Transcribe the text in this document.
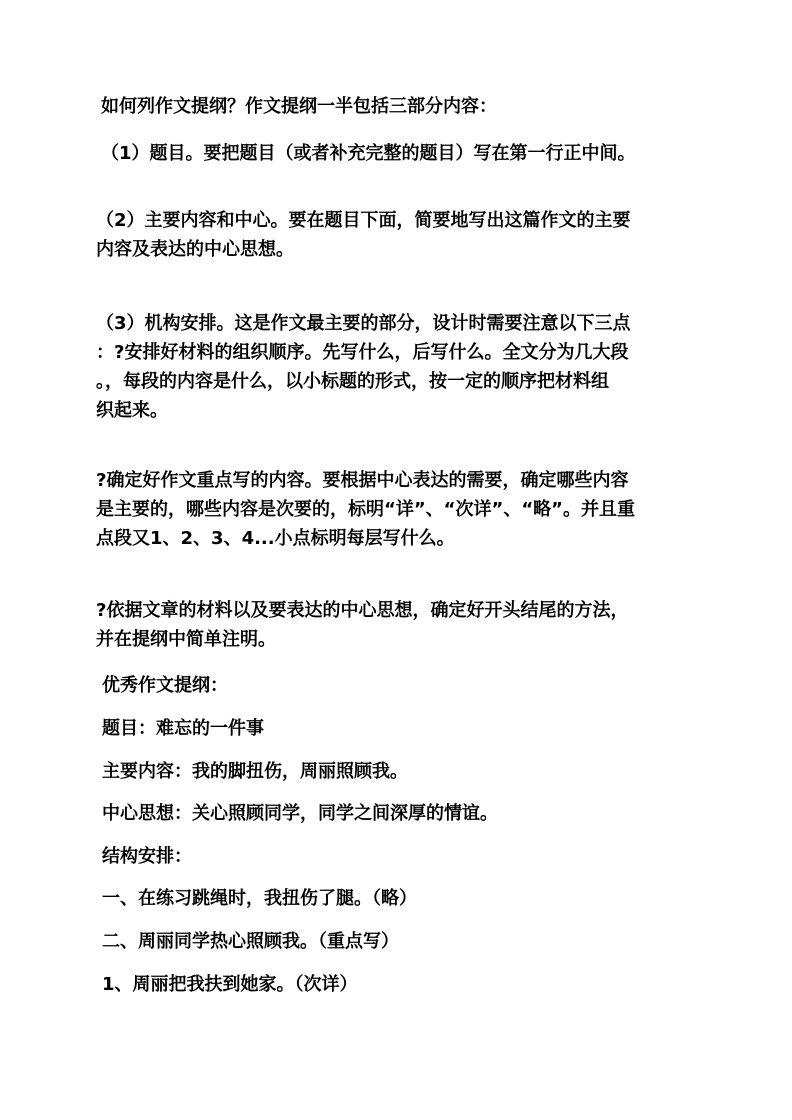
如何列作文提纲？作文提纲一半包括三部分内容：

（1）题目。要把题目（或者补充完整的题目）写在第一行正中间。

（2）主要内容和中心。要在题目下面，简要地写出这篇作文的主要
内容及表达的中心思想。

（3）机构安排。这是作文最主要的部分，设计时需要注意以下三点
：?安排好材料的组织顺序。先写什么，后写什么。全文分为几大段
。，每段的内容是什么，以小标题的形式，按一定的顺序把材料组
织起来。

?确定好作文重点写的内容。要根据中心表达的需要，确定哪些内容
是主要的，哪些内容是次要的，标明“详”、“次详”、“略”。并且重
点段又1、2、3、4...小点标明每层写什么。

?依据文章的材料以及要表达的中心思想，确定好开头结尾的方法，
并在提纲中简单注明。

优秀作文提纲：

题目：难忘的一件事

主要内容：我的脚扭伤，周丽照顾我。

中心思想：关心照顾同学，同学之间深厚的情谊。

结构安排：

一、在练习跳绳时，我扭伤了腿。（略）

二、周丽同学热心照顾我。（重点写）

1、周丽把我扶到她家。（次详）
